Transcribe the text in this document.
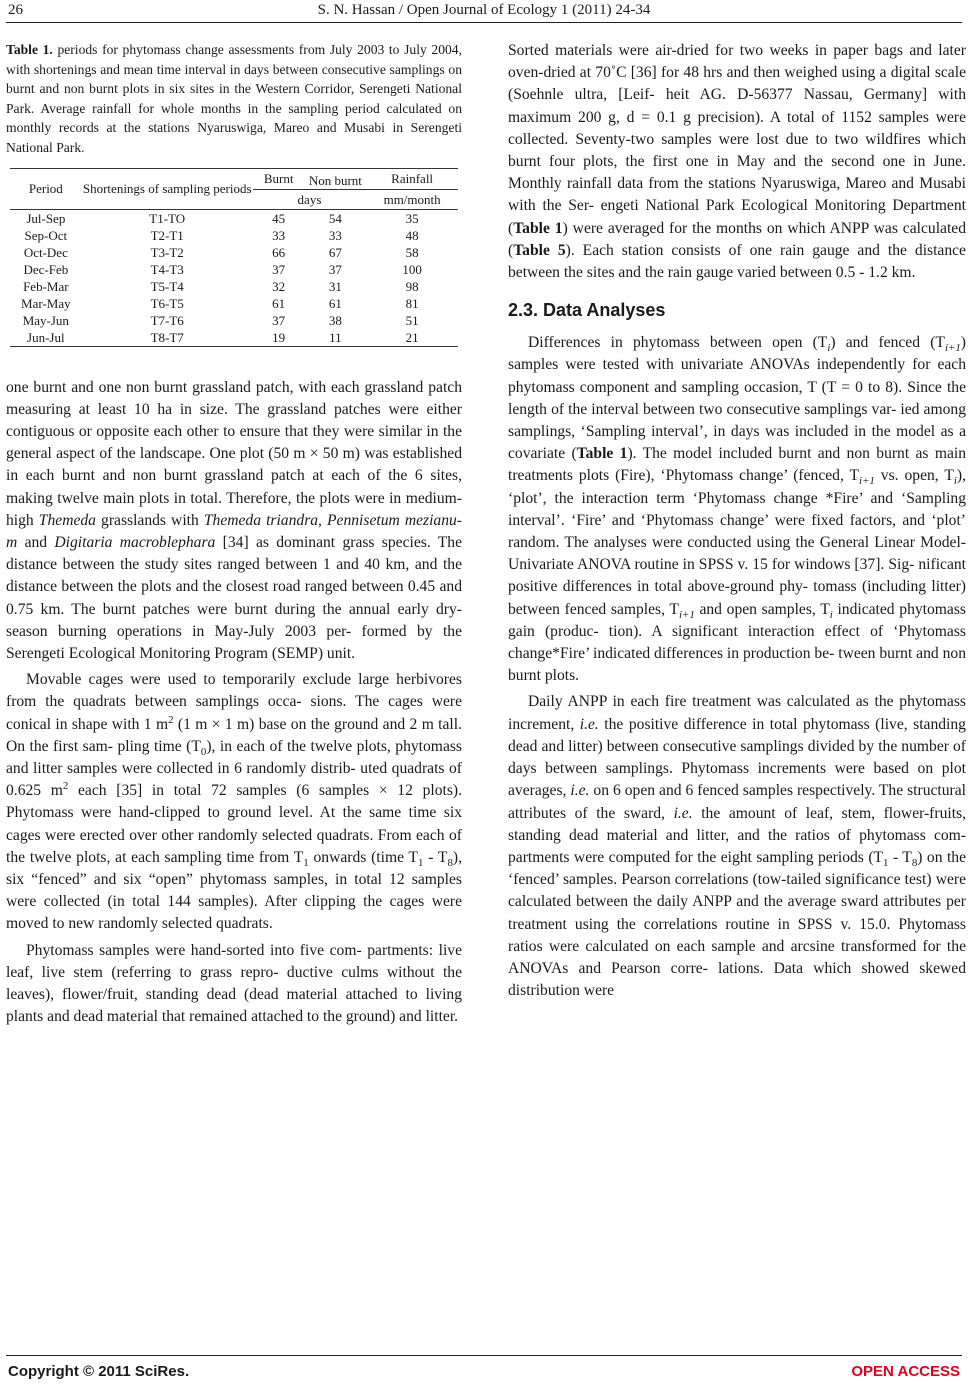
26	S. N. Hassan / Open Journal of Ecology 1 (2011) 24-34
Table 1. periods for phytomass change assessments from July 2003 to July 2004, with shortenings and mean time interval in days between consecutive samplings on burnt and non burnt plots in six sites in the Western Corridor, Serengeti National Park. Average rainfall for whole months in the sampling period calculated on monthly records at the stations Nyaruswiga, Mareo and Musabi in Serengeti National Park.
Period	Shortenings of sampling periods	Burnt	Non burnt	Rainfall
		days		mm/month
Jul-Sep	T1-TO	45	54	35
Sep-Oct	T2-T1	33	33	48
Oct-Dec	T3-T2	66	67	58
Dec-Feb	T4-T3	37	37	100
Feb-Mar	T5-T4	32	31	98
Mar-May	T6-T5	61	61	81
May-Jun	T7-T6	37	38	51
Jun-Jul	T8-T7	19	11	21

one burnt and one non burnt grassland patch, with each grassland patch measuring at least 10 ha in size. The grassland patches were either contiguous or opposite each other to ensure that they were similar in the general aspect of the landscape. One plot (50 m × 50 m) was established in each burnt and non burnt grassland patch at each of the 6 sites, making twelve main plots in total. Therefore, the plots were in medium-high Themeda grasslands with Themeda triandra, Pennisetum mezianu- m and Digitaria macroblephara [34] as dominant grass species. The distance between the study sites ranged between 1 and 40 km, and the distance between the plots and the closest road ranged between 0.45 and 0.75 km. The burnt patches were burnt during the annual early dry-season burning operations in May-July 2003 per- formed by the Serengeti Ecological Monitoring Program (SEMP) unit.

Movable cages were used to temporarily exclude large herbivores from the quadrats between samplings occa- sions. The cages were conical in shape with 1 $m^2$ (1 m × 1 m) base on the ground and 2 m tall. On the first sam- pling time $(T_0)$, in each of the twelve plots, phytomass and litter samples were collected in 6 randomly distrib- uted quadrats of 0.625 $m^2$ each [35] in total 72 samples (6 samples × 12 plots). Phytomass were hand-clipped to ground level. At the same time six cages were erected over other randomly selected quadrats. From each of the twelve plots, at each sampling time from $T_1$ onwards (time $T_1 - T_8$), six “fenced” and six “open” phytomass samples, in total 12 samples were collected (in total 144 samples). After clipping the cages were moved to new randomly selected quadrats.

Phytomass samples were hand-sorted into five com- partments: live leaf, live stem (referring to grass repro- ductive culms without the leaves), flower/fruit, standing dead (dead material attached to living plants and dead material that remained attached to the ground) and litter.

Sorted materials were air-dried for two weeks in paper bags and later oven-dried at 70˚C [36] for 48 hrs and then weighed using a digital scale (Soehnle ultra, [Leif- heit AG. D-56377 Nassau, Germany] with maximum 200 g, d = 0.1 g precision). A total of 1152 samples were collected. Seventy-two samples were lost due to two wildfires which burnt four plots, the first one in May and the second one in June. Monthly rainfall data from the stations Nyaruswiga, Mareo and Musabi with the Ser- engeti National Park Ecological Monitoring Department (Table 1) were averaged for the months on which ANPP was calculated (Table 5). Each station consists of one rain gauge and the distance between the sites and the rain gauge varied between 0.5 - 1.2 km.

2.3. Data Analyses

Differences in phytomass between open $(T_i)$ and fenced $(T_{i+1})$ samples were tested with univariate ANOVAs independently for each phytomass component and sampling occasion, T (T = 0 to 8). Since the length of the interval between two consecutive samplings var- ied among samplings, ‘Sampling interval’, in days was included in the model as a covariate (Table 1). The model included burnt and non burnt as main treatments plots (Fire), ‘Phytomass change’ (fenced, $T_{i+1}$ vs. open, $T_i$), ‘plot’, the interaction term ‘Phytomass change *Fire’ and ‘Sampling interval’. ‘Fire’ and ‘Phytomass change’ were fixed factors, and ‘plot’ random. The analyses were conducted using the General Linear Model-Univariate ANOVA routine in SPSS v. 15 for windows [37]. Sig- nificant positive differences in total above-ground phy- tomass (including litter) between fenced samples, $T_{i+1}$ and open samples, $T_i$ indicated phytomass gain (produc- tion). A significant interaction effect of ‘Phytomass change*Fire’ indicated differences in production be- tween burnt and non burnt plots.

Daily ANPP in each fire treatment was calculated as the phytomass increment, i.e. the positive difference in total phytomass (live, standing dead and litter) between consecutive samplings divided by the number of days between samplings. Phytomass increments were based on plot averages, i.e. on 6 open and 6 fenced samples respectively. The structural attributes of the sward, i.e. the amount of leaf, stem, flower-fruits, standing dead material and litter, and the ratios of phytomass com- partments were computed for the eight sampling periods $(T_1 - T_8)$ on the ‘fenced’ samples. Pearson correlations (tow-tailed significance test) were calculated between the daily ANPP and the average sward attributes per treatment using the correlations routine in SPSS v. 15.0. Phytomass ratios were calculated on each sample and arcsine transformed for the ANOVAs and Pearson corre- lations. Data which showed skewed distribution were

Copyright © 2011 SciRes.	OPEN ACCESS
